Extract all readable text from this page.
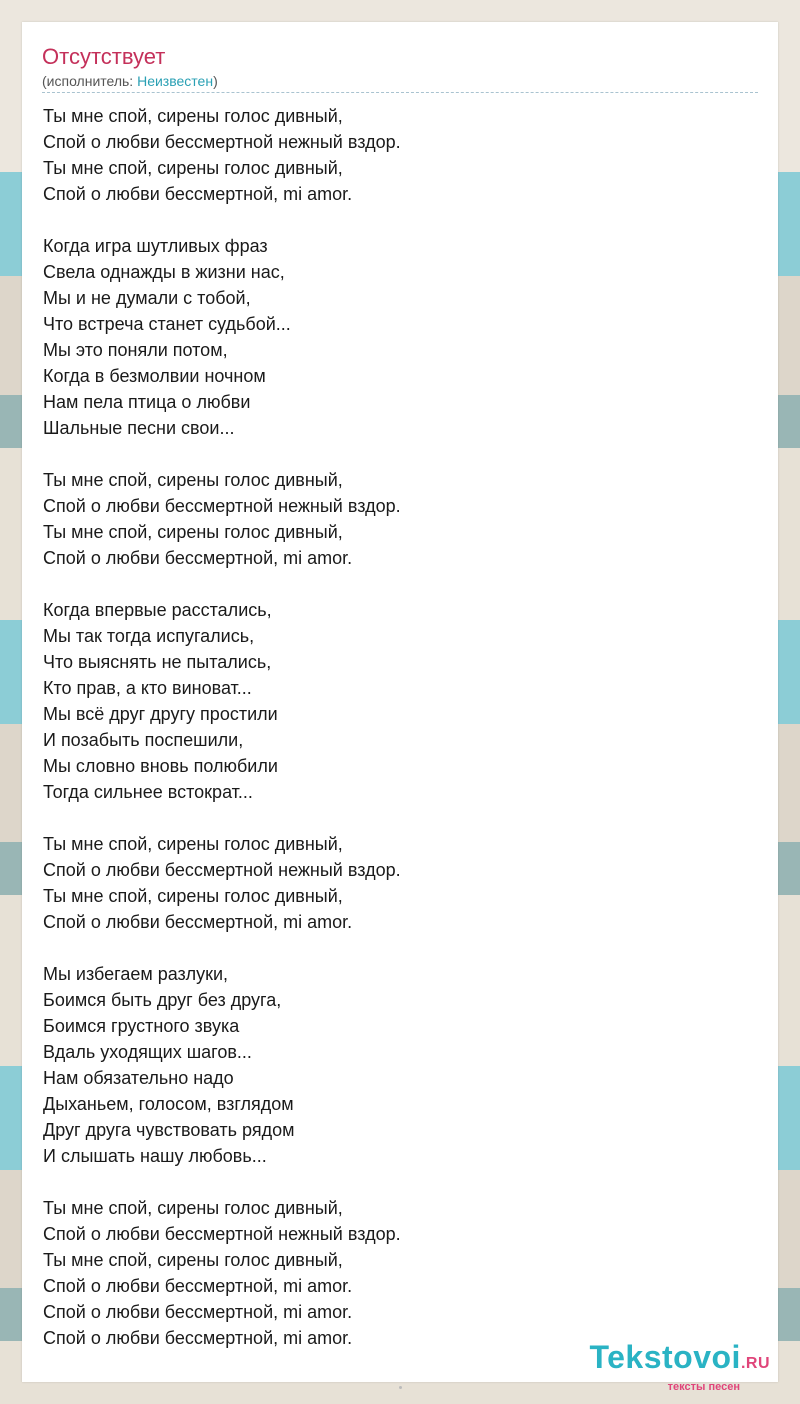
Отсутствует
(исполнитель: Неизвестен)
Ты мне спой, сирены голос дивный,
Спой о любви бессмертной нежный вздор.
Ты мне спой, сирены голос дивный,
Спой о любви бессмертной, mi amor.
Когда игра шутливых фраз
Свела однажды в жизни нас,
Мы и не думали с тобой,
Что встреча станет судьбой...
Мы это поняли потом,
Когда в безмолвии ночном
Нам пела птица о любви
Шальные песни свои...
Ты мне спой, сирены голос дивный,
Спой о любви бессмертной нежный вздор.
Ты мне спой, сирены голос дивный,
Спой о любви бессмертной, mi amor.
Когда впервые расстались,
Мы так тогда испугались,
Что выяснять не пытались,
Кто прав, а кто виноват...
Мы всё друг другу простили
И позабыть поспешили,
Мы словно вновь полюбили
Тогда сильнее встократ...
Ты мне спой, сирены голос дивный,
Спой о любви бессмертной нежный вздор.
Ты мне спой, сирены голос дивный,
Спой о любви бессмертной, mi amor.
Мы избегаем разлуки,
Боимся быть друг без друга,
Боимся грустного звука
Вдаль уходящих шагов...
Нам обязательно надо
Дыханьем, голосом, взглядом
Друг друга чувствовать рядом
И слышать нашу любовь...
Ты мне спой, сирены голос дивный,
Спой о любви бессмертной нежный вздор.
Ты мне спой, сирены голос дивный,
Спой о любви бессмертной, mi amor.
Спой о любви бессмертной, mi amor.
Спой о любви бессмертной, mi amor.
Tekstovoi.RU
тексты песен
